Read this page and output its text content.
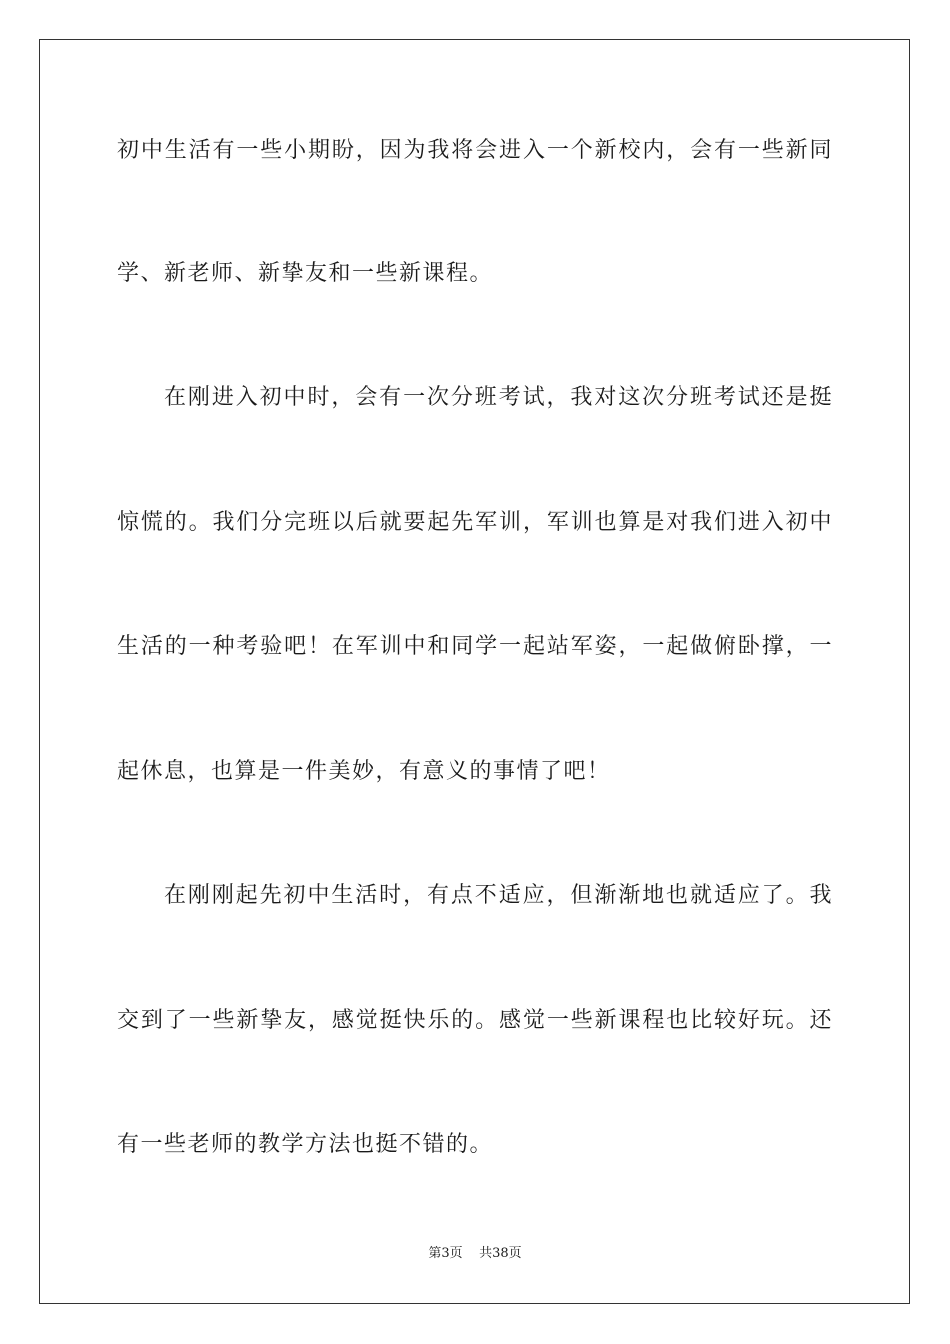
初中生活有一些小期盼，因为我将会进入一个新校内，会有一些新同
学、新老师、新挚友和一些新课程。
在刚进入初中时，会有一次分班考试，我对这次分班考试还是挺
惊慌的。我们分完班以后就要起先军训，军训也算是对我们进入初中
生活的一种考验吧！在军训中和同学一起站军姿，一起做俯卧撑，一
起休息，也算是一件美妙，有意义的事情了吧！
在刚刚起先初中生活时，有点不适应，但渐渐地也就适应了。我
交到了一些新挚友，感觉挺快乐的。感觉一些新课程也比较好玩。还
有一些老师的教学方法也挺不错的。
第3页    共38页
